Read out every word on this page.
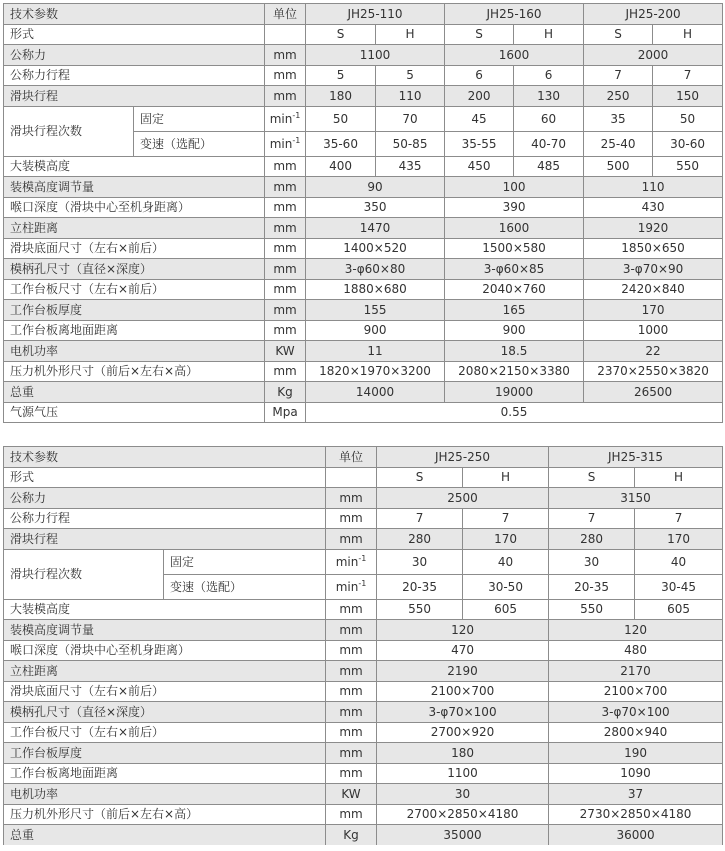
技术参数		单位	JH25-110		JH25-160		JH25-200	
形式			S	H	S	H	S	H
公称力		mm	1100		1600		2000	
公称力行程		mm	5	5	6	6	7	7
滑块行程		mm	180	110	200	130	250	150
滑块行程次数	固定	$\min^{-1}$	50	70	45	60	35	50
	变速（选配）	$\min^{-1}$	35-60	50-85	35-55	40-70	25-40	30-60
大装模高度		mm	400	435	450	485	500	550
装模高度调节量		mm	90		100		110	
喉口深度（滑块中心至机身距离）		mm	350		390		430	
立柱距离		mm	1470		1600		1920	
滑块底面尺寸（左右×前后）		mm	1400×520		1500×580		1850×650	
模柄孔尺寸（直径×深度）		mm	3-φ60×80		3-φ60×85		3-φ70×90	
工作台板尺寸（左右×前后）		mm	1880×680		2040×760		2420×840	
工作台板厚度		mm	155		165		170	
工作台板离地面距离		mm	900		900		1000	
电机功率		KW	11		18.5		22	
压力机外形尺寸（前后×左右×高）		mm	1820×1970×3200		2080×2150×3380		2370×2550×3820	
总重		Kg	14000		19000		26500	
气源气压		Mpa	0.55					
技术参数		单位	JH25-250		JH25-315	
形式			S	H	S	H
公称力		mm	2500		3150	
公称力行程		mm	7	7	7	7
滑块行程		mm	280	170	280	170
滑块行程次数	固定	$\min^{-1}$	30	40	30	40
	变速（选配）	$\min^{-1}$	20-35	30-50	20-35	30-45
大装模高度		mm	550	605	550	605
装模高度调节量		mm	120		120	
喉口深度（滑块中心至机身距离）		mm	470		480	
立柱距离		mm	2190		2170	
滑块底面尺寸（左右×前后）		mm	2100×700		2100×700	
模柄孔尺寸（直径×深度）		mm	3-φ70×100		3-φ70×100	
工作台板尺寸（左右×前后）		mm	2700×920		2800×940	
工作台板厚度		mm	180		190	
工作台板离地面距离		mm	1100		1090	
电机功率		KW	30		37	
压力机外形尺寸（前后×左右×高）		mm	2700×2850×4180		2730×2850×4180	
总重		Kg	35000		36000	
